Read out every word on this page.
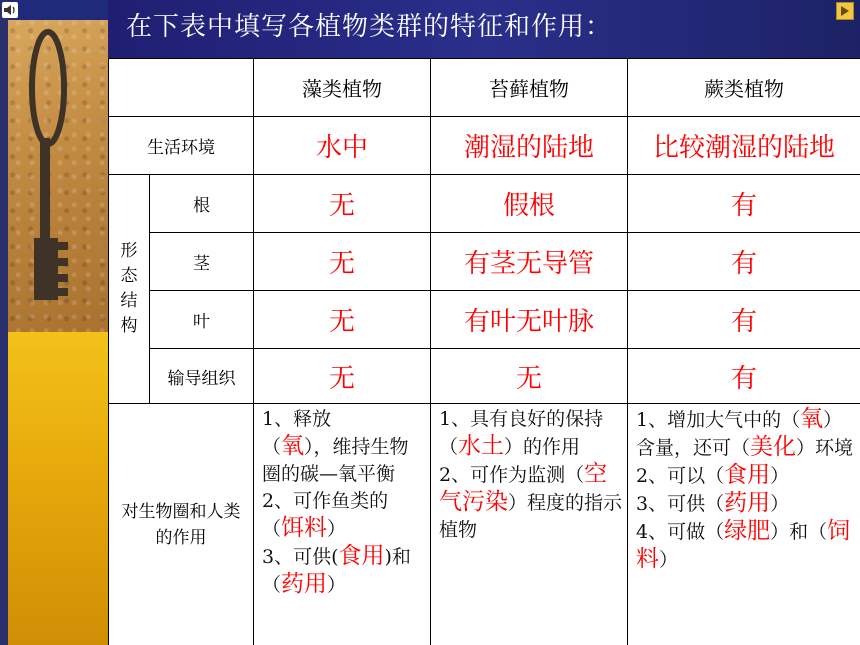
在下表中填写各植物类群的特征和作用：
		藻类植物	苔藓植物	蕨类植物
生活环境		水中	潮湿的陆地	比较潮湿的陆地
形态结构	根	无	假根	有
	茎	无	有茎无导管	有
	叶	无	有叶无叶脉	有
	输导组织	无	无	有
对生物圈和人类的作用		1、释放
（氧），维持生物圈的碳—氧平衡
2、可作鱼类的（饵料）
3、可供(食用)和（药用）	1、具有良好的保持（水土）的作用
2、可作为监测（空气污染）程度的指示植物	1、增加大气中的（氧）含量，还可（美化）环境
2、可以（食用）
3、可供（药用）
4、可做（绿肥）和（饲料）
